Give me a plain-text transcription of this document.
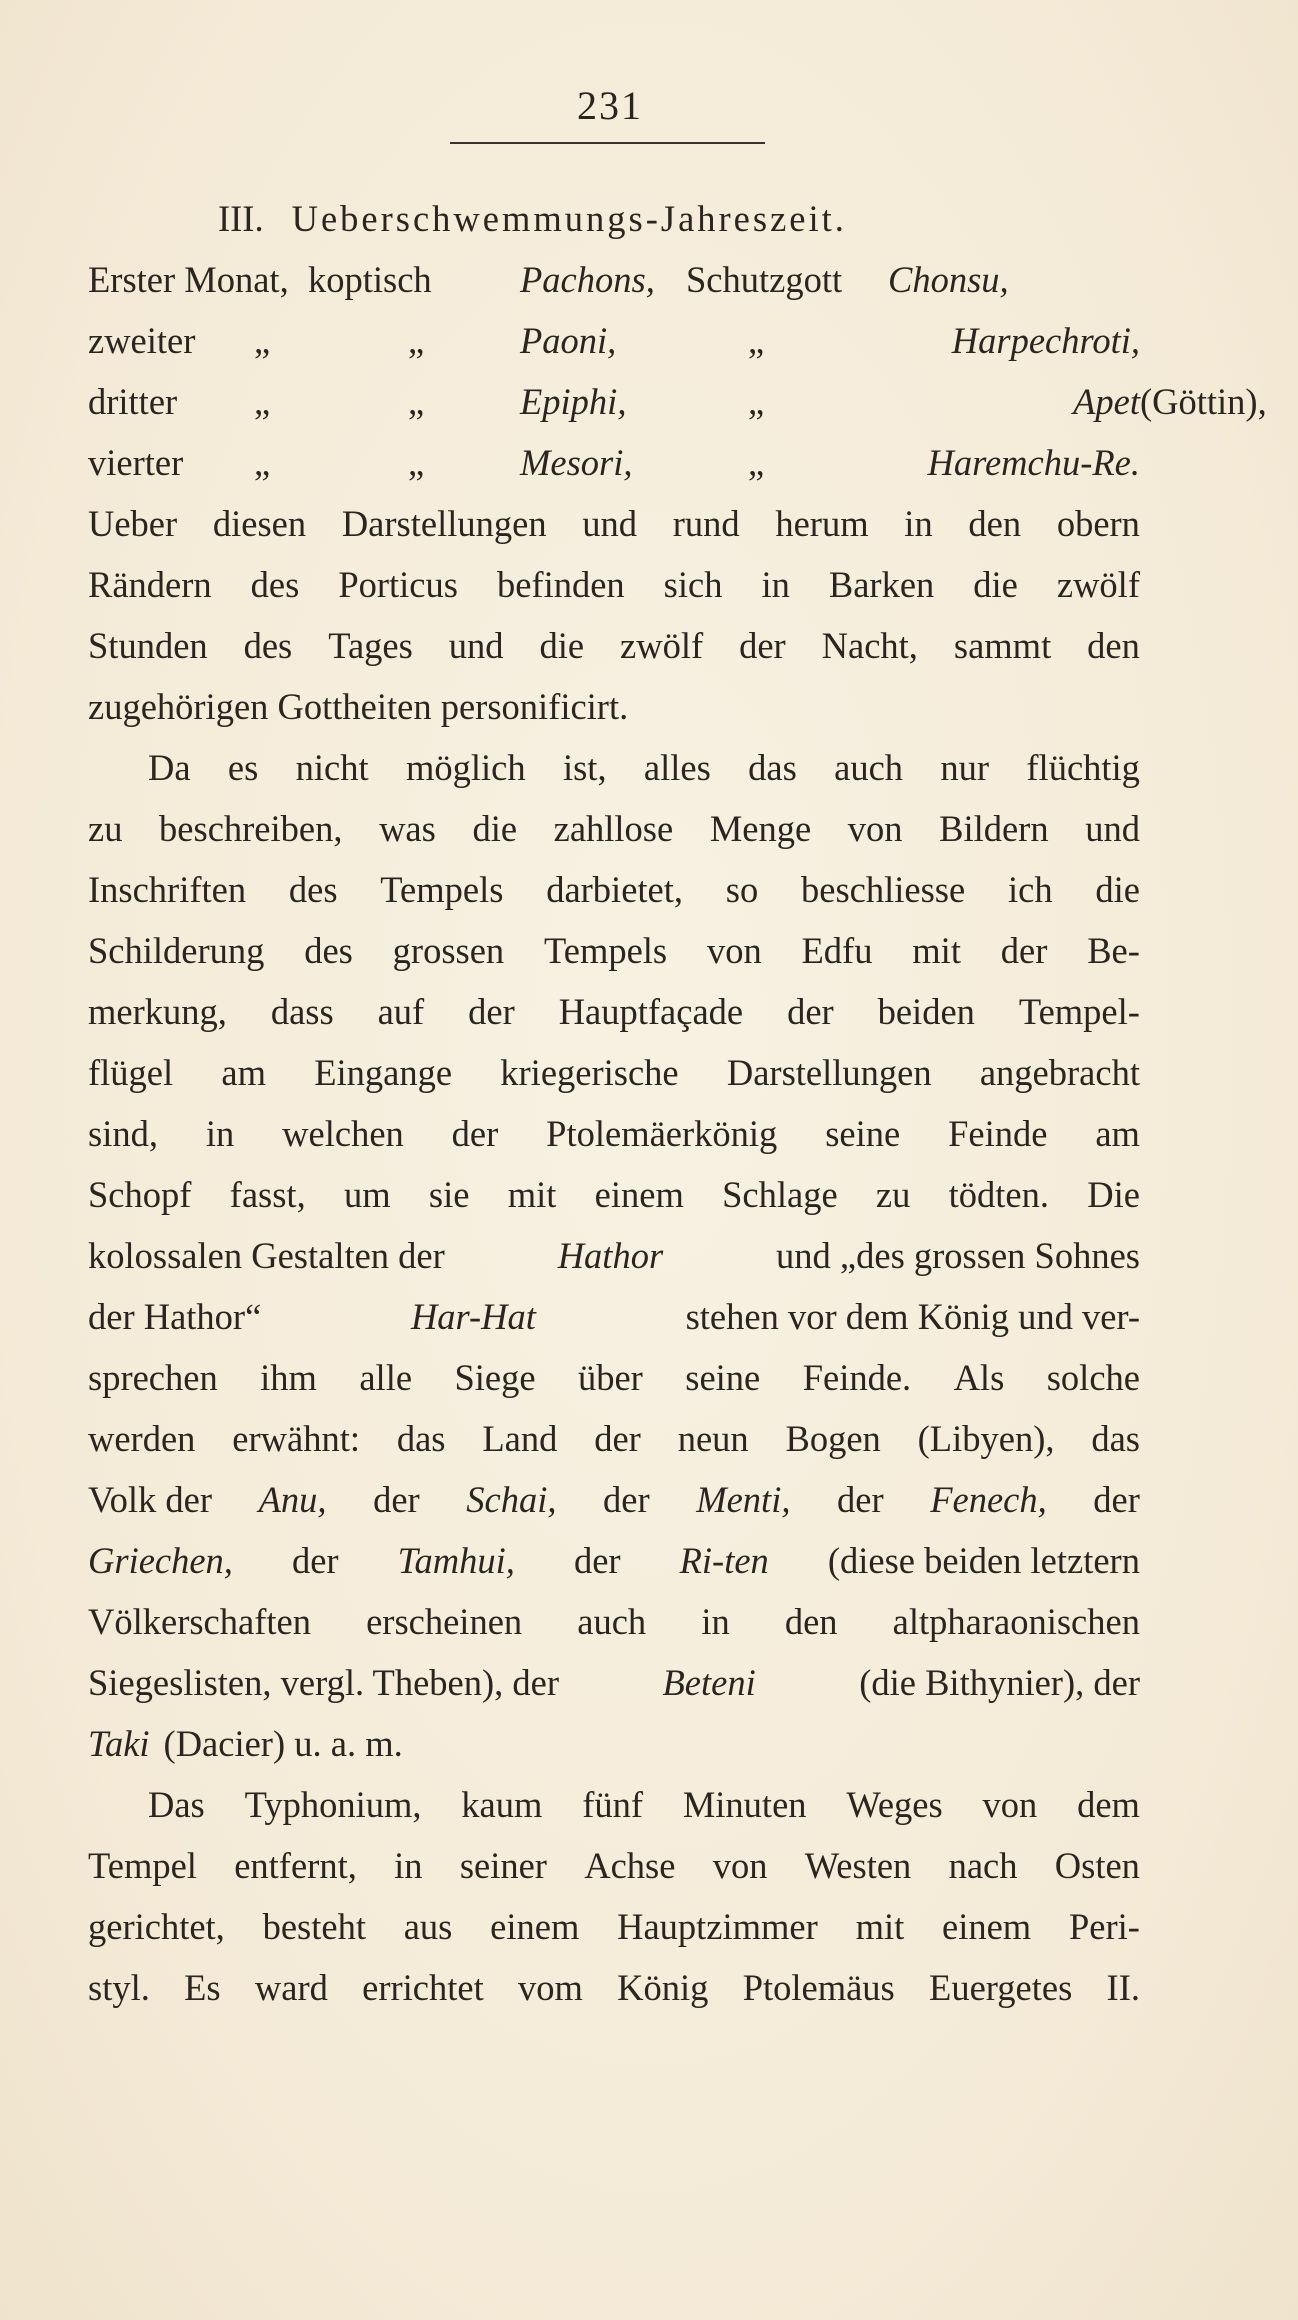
231
III. Ueberschwemmungs-Jahreszeit.
Erster Monat, koptisch Pachons, Schutzgott Chonsu,
zweiter „	„	Paoni,	„	Harpechroti,
dritter „	„	Epiphi,	„	Apet (Göttin),
vierter „	„	Mesori,	„	Haremchu-Re.
Ueber diesen Darstellungen und rund herum in den obern
Rändern des Porticus befinden sich in Barken die zwölf
Stunden des Tages und die zwölf der Nacht, sammt den
zugehörigen Gottheiten personificirt.
Da es nicht möglich ist, alles das auch nur flüchtig
zu beschreiben, was die zahllose Menge von Bildern und
Inschriften des Tempels darbietet, so beschliesse ich die
Schilderung des grossen Tempels von Edfu mit der Be-
merkung, dass auf der Hauptfaçade der beiden Tempel-
flügel am Eingange kriegerische Darstellungen angebracht
sind, in welchen der Ptolemäerkönig seine Feinde am
Schopf fasst, um sie mit einem Schlage zu tödten. Die
kolossalen Gestalten der	Hathor	und „des grossen Sohnes
der Hathor“	Har-Hat	stehen vor dem König und ver-
sprechen ihm alle Siege über seine Feinde. Als solche
werden erwähnt: das Land der neun Bogen (Libyen), das
Volk der Anu, der Schai, der Menti, der Fenech, der
Griechen, der Tamhui, der Ri-ten (diese beiden letztern
Völkerschaften erscheinen auch in den altpharaonischen
Siegeslisten, vergl. Theben), der	Beteni	(die Bithynier), der
Taki (Dacier) u. a. m.
Das Typhonium, kaum fünf Minuten Weges von dem
Tempel entfernt, in seiner Achse von Westen nach Osten
gerichtet, besteht aus einem Hauptzimmer mit einem Peri-
styl. Es ward errichtet vom König Ptolemäus Euergetes II.
